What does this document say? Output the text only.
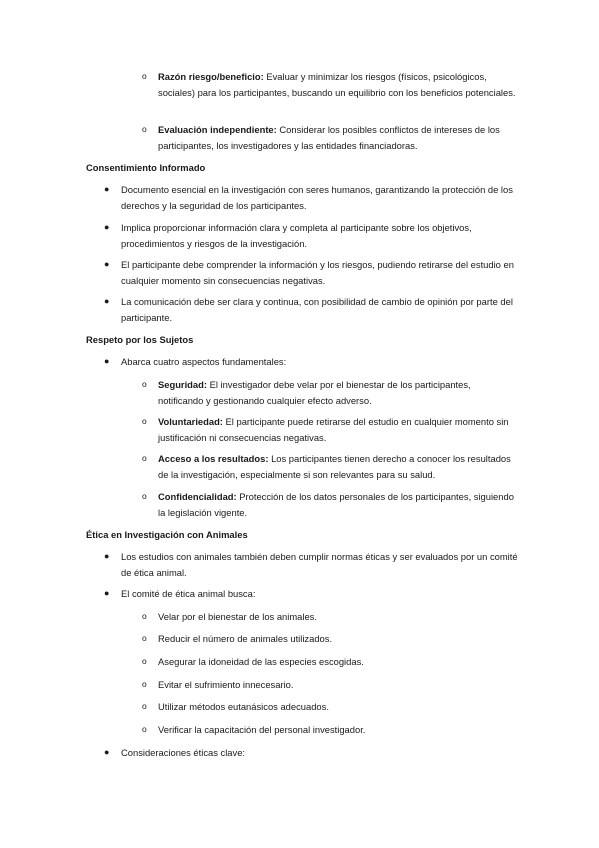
o Razón riesgo/beneficio: Evaluar y minimizar los riesgos (físicos, psicológicos, sociales) para los participantes, buscando un equilibrio con los beneficios potenciales.
o Evaluación independiente: Considerar los posibles conflictos de intereses de los participantes, los investigadores y las entidades financiadoras.
Consentimiento Informado
● Documento esencial en la investigación con seres humanos, garantizando la protección de los derechos y la seguridad de los participantes.
● Implica proporcionar información clara y completa al participante sobre los objetivos, procedimientos y riesgos de la investigación.
● El participante debe comprender la información y los riesgos, pudiendo retirarse del estudio en cualquier momento sin consecuencias negativas.
● La comunicación debe ser clara y continua, con posibilidad de cambio de opinión por parte del participante.
Respeto por los Sujetos
● Abarca cuatro aspectos fundamentales:
o Seguridad: El investigador debe velar por el bienestar de los participantes, notificando y gestionando cualquier efecto adverso.
o Voluntariedad: El participante puede retirarse del estudio en cualquier momento sin justificación ni consecuencias negativas.
o Acceso a los resultados: Los participantes tienen derecho a conocer los resultados de la investigación, especialmente si son relevantes para su salud.
o Confidencialidad: Protección de los datos personales de los participantes, siguiendo la legislación vigente.
Ética en Investigación con Animales
● Los estudios con animales también deben cumplir normas éticas y ser evaluados por un comité de ética animal.
● El comité de ética animal busca:
o Velar por el bienestar de los animales.
o Reducir el número de animales utilizados.
o Asegurar la idoneidad de las especies escogidas.
o Evitar el sufrimiento innecesario.
o Utilizar métodos eutanásicos adecuados.
o Verificar la capacitación del personal investigador.
● Consideraciones éticas clave:
